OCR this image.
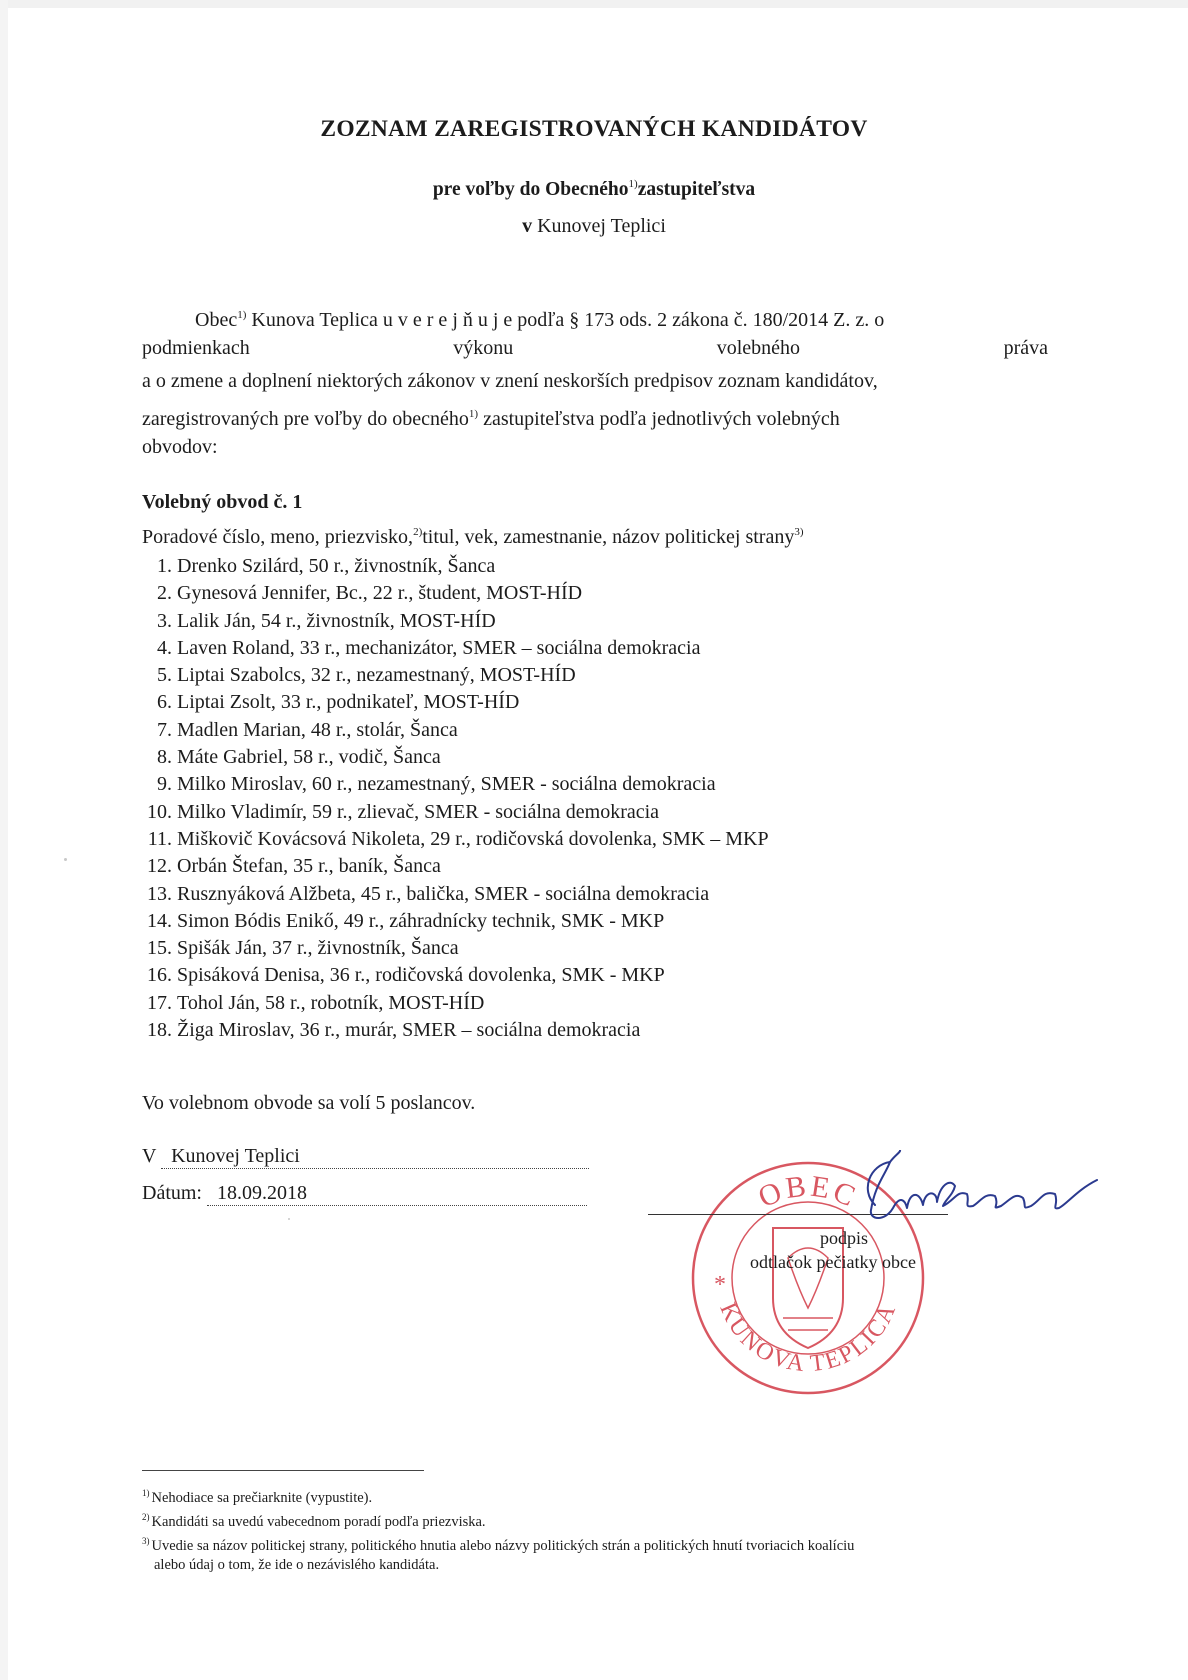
ZOZNAM ZAREGISTROVANÝCH KANDIDÁTOV
pre voľby do Obecného$^{1)}$zastupiteľstva
v Kunovej Teplici
Obec$^{1)}$ Kunova Teplica u v e r e j ň u j e podľa § 173 ods. 2 zákona č. 180/2014 Z. z. o
podmienkach	výkonu	volebného	práva
a o zmene a doplnení niektorých zákonov v znení neskorších predpisov zoznam kandidátov,
zaregistrovaných pre voľby do obecného$^{1)}$ zastupiteľstva podľa jednotlivých volebných
obvodov:
Volebný obvod č. 1
Poradové číslo, meno, priezvisko,$^{2)}$titul, vek, zamestnanie, názov politickej strany$^{3)}$
1. Drenko Szilárd, 50 r., živnostník, Šanca
2. Gynesová Jennifer, Bc., 22 r., študent, MOST-HÍD
3. Lalik Ján, 54 r., živnostník, MOST-HÍD
4. Laven Roland, 33 r., mechanizátor, SMER – sociálna demokracia
5. Liptai Szabolcs, 32 r., nezamestnaný, MOST-HÍD
6. Liptai Zsolt, 33 r., podnikateľ, MOST-HÍD
7. Madlen Marian, 48 r., stolár, Šanca
8. Máte Gabriel, 58 r., vodič, Šanca
9. Milko Miroslav, 60 r., nezamestnaný, SMER - sociálna demokracia
10. Milko Vladimír, 59 r., zlievač, SMER - sociálna demokracia
11. Miškovič Kovácsová Nikoleta, 29 r., rodičovská dovolenka, SMK – MKP
12. Orbán Štefan, 35 r., baník, Šanca
13. Rusznyáková Alžbeta, 45 r., balička, SMER - sociálna demokracia
14. Simon Bódis Enikő, 49 r., záhradnícky technik, SMK - MKP
15. Spišák Ján, 37 r., živnostník, Šanca
16. Spisáková Denisa, 36 r., rodičovská dovolenka, SMK - MKP
17. Tohol Ján, 58 r., robotník, MOST-HÍD
18. Žiga Miroslav, 36 r., murár, SMER – sociálna demokracia
Vo volebnom obvode sa volí 5 poslancov.
V Kunovej Teplici
Dátum: 18.09.2018	OBEC
KUNOVA TEPLICA
*
podpis
odtlačok pečiatky obce
$^{1)}$ Nehodiace sa prečiarknite (vypustite).
$^{2)}$ Kandidáti sa uvedú vabecednom poradí podľa priezviska.
$^{3)}$ Uvedie sa názov politickej strany, politického hnutia alebo názvy politických strán a politických hnutí tvoriacich koalíciu
alebo údaj o tom, že ide o nezávislého kandidáta.
